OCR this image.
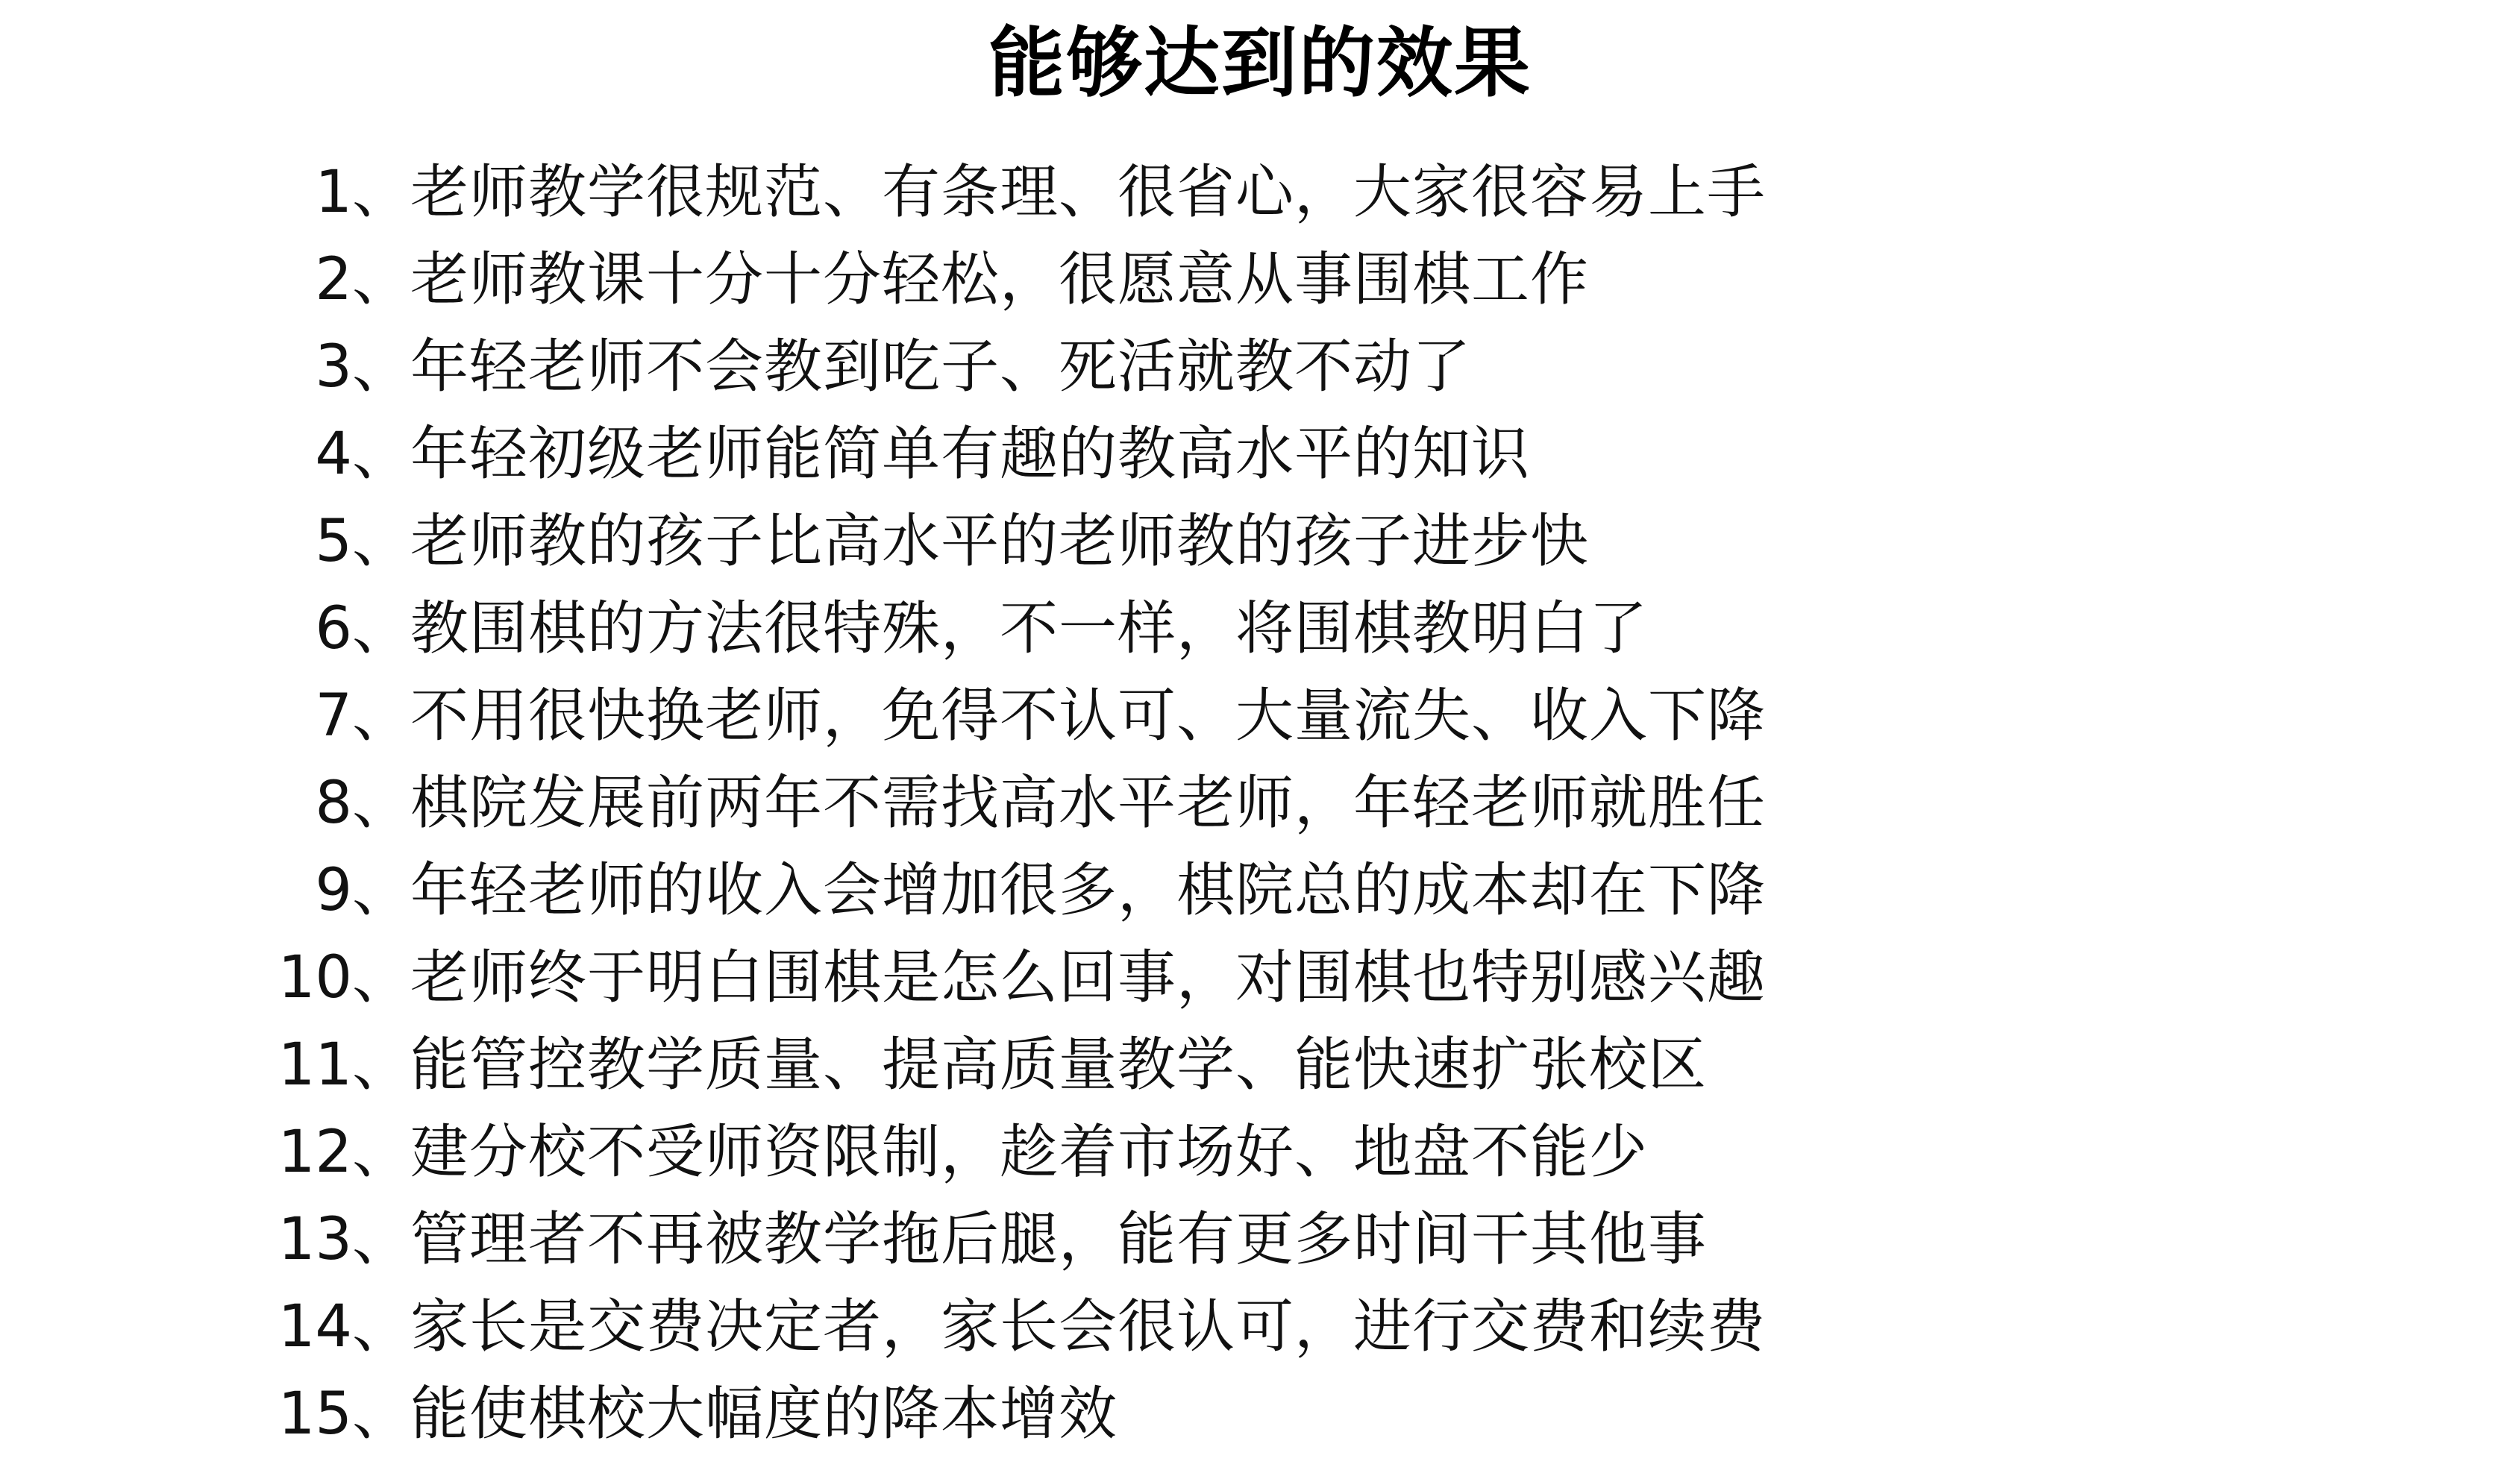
能够达到的效果
1、 老师教学很规范、有条理、很省心，大家很容易上手
2、 老师教课十分十分轻松，很愿意从事围棋工作
3、 年轻老师不会教到吃子、死活就教不动了
4、 年轻初级老师能简单有趣的教高水平的知识
5、 老师教的孩子比高水平的老师教的孩子进步快
6、 教围棋的方法很特殊，不一样，将围棋教明白了
7、 不用很快换老师，免得不认可、大量流失、收入下降
8、 棋院发展前两年不需找高水平老师，年轻老师就胜任
9、 年轻老师的收入会增加很多，棋院总的成本却在下降
10、 老师终于明白围棋是怎么回事，对围棋也特别感兴趣
11、 能管控教学质量、提高质量教学、能快速扩张校区
12、 建分校不受师资限制，趁着市场好、地盘不能少
13、 管理者不再被教学拖后腿，能有更多时间干其他事
14、 家长是交费决定者，家长会很认可，进行交费和续费
15、 能使棋校大幅度的降本增效
